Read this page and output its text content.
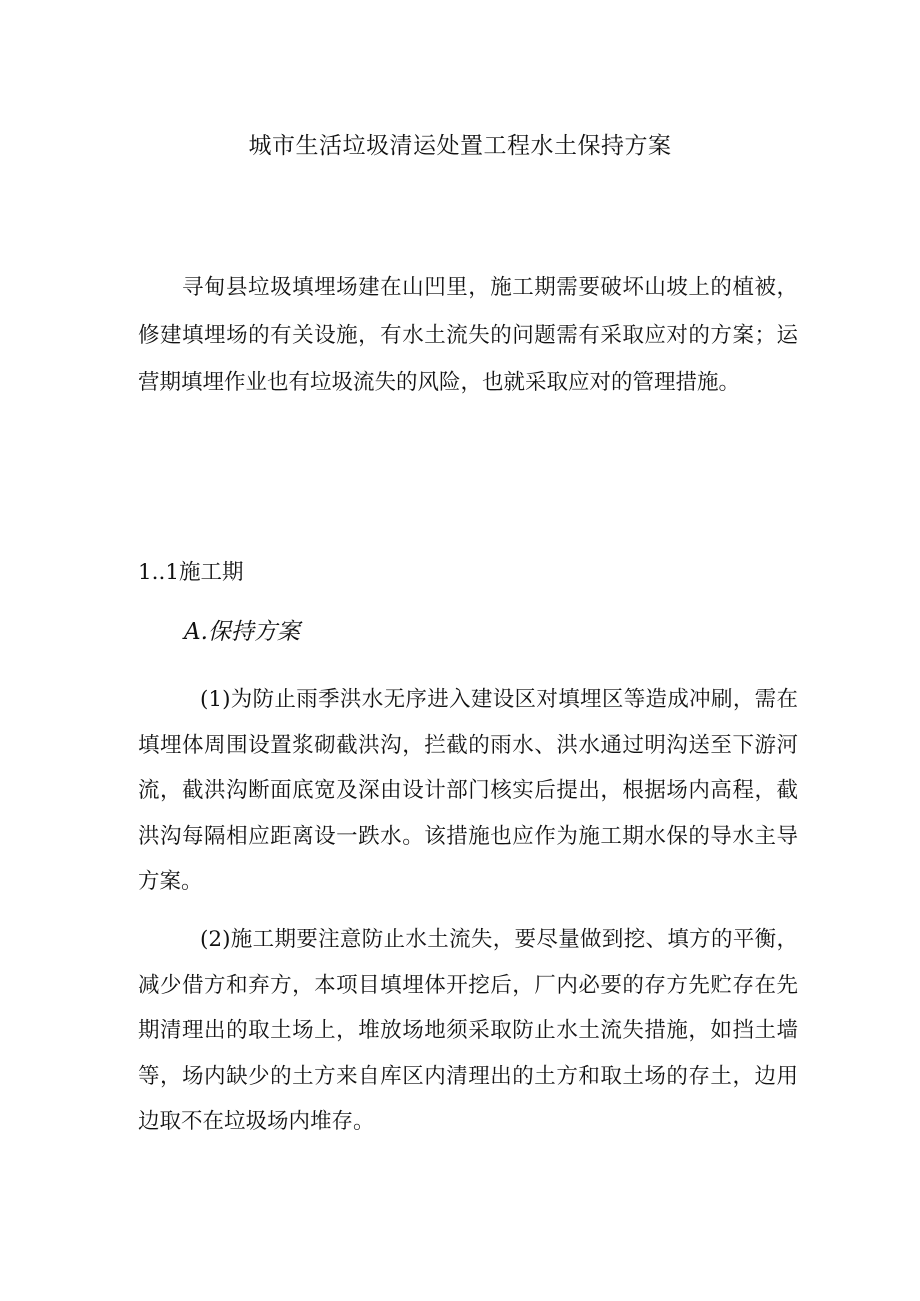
城市生活垃圾清运处置工程水土保持方案

寻甸县垃圾填埋场建在山凹里，施工期需要破坏山坡上的植被，修建填埋场的有关设施，有水土流失的问题需有采取应对的方案；运营期填埋作业也有垃圾流失的风险，也就采取应对的管理措施。

1..1施工期
A.保持方案

(1)为防止雨季洪水无序进入建设区对填埋区等造成冲刷，需在填埋体周围设置浆砌截洪沟，拦截的雨水、洪水通过明沟送至下游河流，截洪沟断面底宽及深由设计部门核实后提出，根据场内高程，截洪沟每隔相应距离设一跌水。该措施也应作为施工期水保的导水主导方案。

(2)施工期要注意防止水土流失，要尽量做到挖、填方的平衡，减少借方和弃方，本项目填埋体开挖后，厂内必要的存方先贮存在先期清理出的取土场上，堆放场地须采取防止水土流失措施，如挡土墙等，场内缺少的土方来自库区内清理出的土方和取土场的存土，边用边取不在垃圾场内堆存。
